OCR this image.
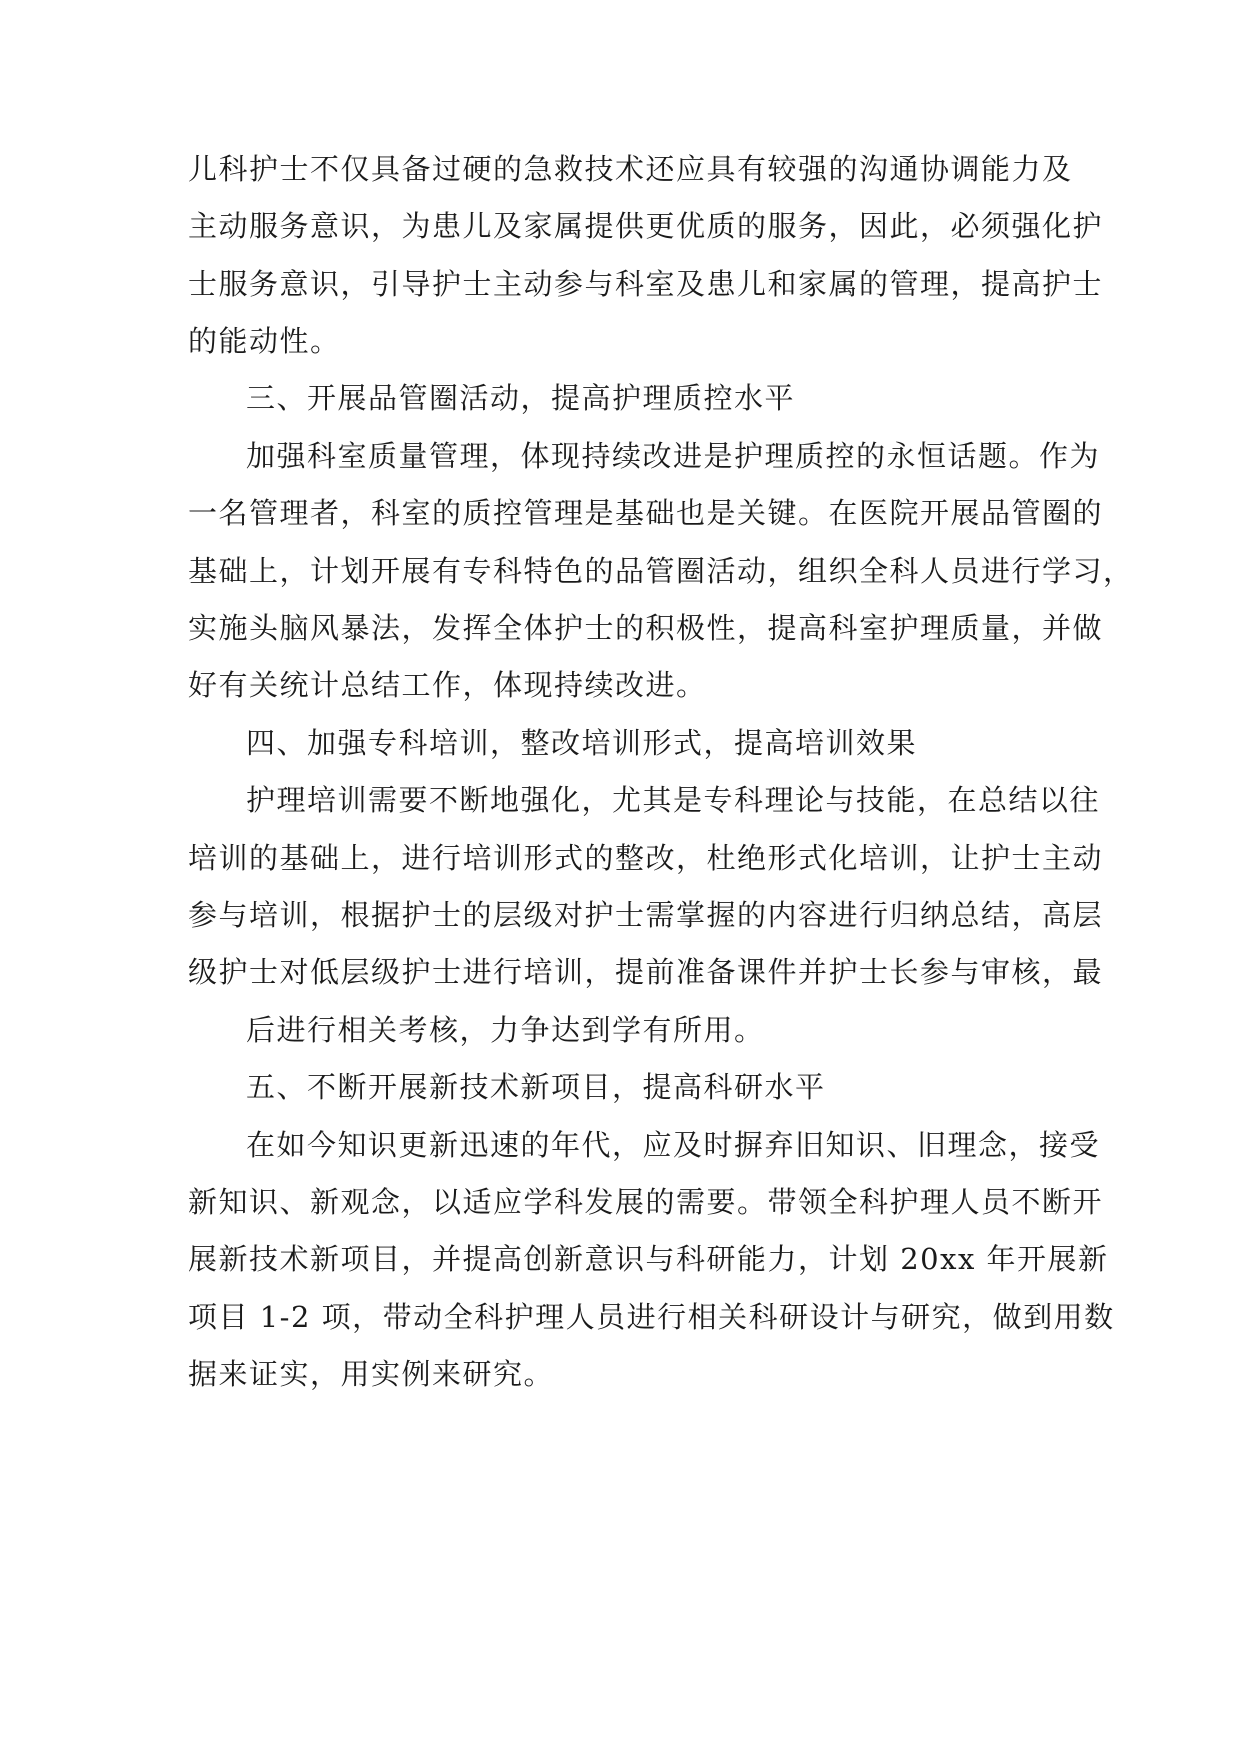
儿科护士不仅具备过硬的急救技术还应具有较强的沟通协调能力及
主动服务意识，为患儿及家属提供更优质的服务，因此，必须强化护
士服务意识，引导护士主动参与科室及患儿和家属的管理，提高护士
的能动性。
三、开展品管圈活动，提高护理质控水平
加强科室质量管理，体现持续改进是护理质控的永恒话题。作为
一名管理者，科室的质控管理是基础也是关键。在医院开展品管圈的
基础上，计划开展有专科特色的品管圈活动，组织全科人员进行学习，
实施头脑风暴法，发挥全体护士的积极性，提高科室护理质量，并做
好有关统计总结工作，体现持续改进。
四、加强专科培训，整改培训形式，提高培训效果
护理培训需要不断地强化，尤其是专科理论与技能，在总结以往
培训的基础上，进行培训形式的整改，杜绝形式化培训，让护士主动
参与培训，根据护士的层级对护士需掌握的内容进行归纳总结，高层
级护士对低层级护士进行培训，提前准备课件并护士长参与审核，最
后进行相关考核，力争达到学有所用。
五、不断开展新技术新项目，提高科研水平
在如今知识更新迅速的年代，应及时摒弃旧知识、旧理念，接受
新知识、新观念，以适应学科发展的需要。带领全科护理人员不断开
展新技术新项目，并提高创新意识与科研能力，计划 20xx 年开展新
项目 1-2 项，带动全科护理人员进行相关科研设计与研究，做到用数
据来证实，用实例来研究。
